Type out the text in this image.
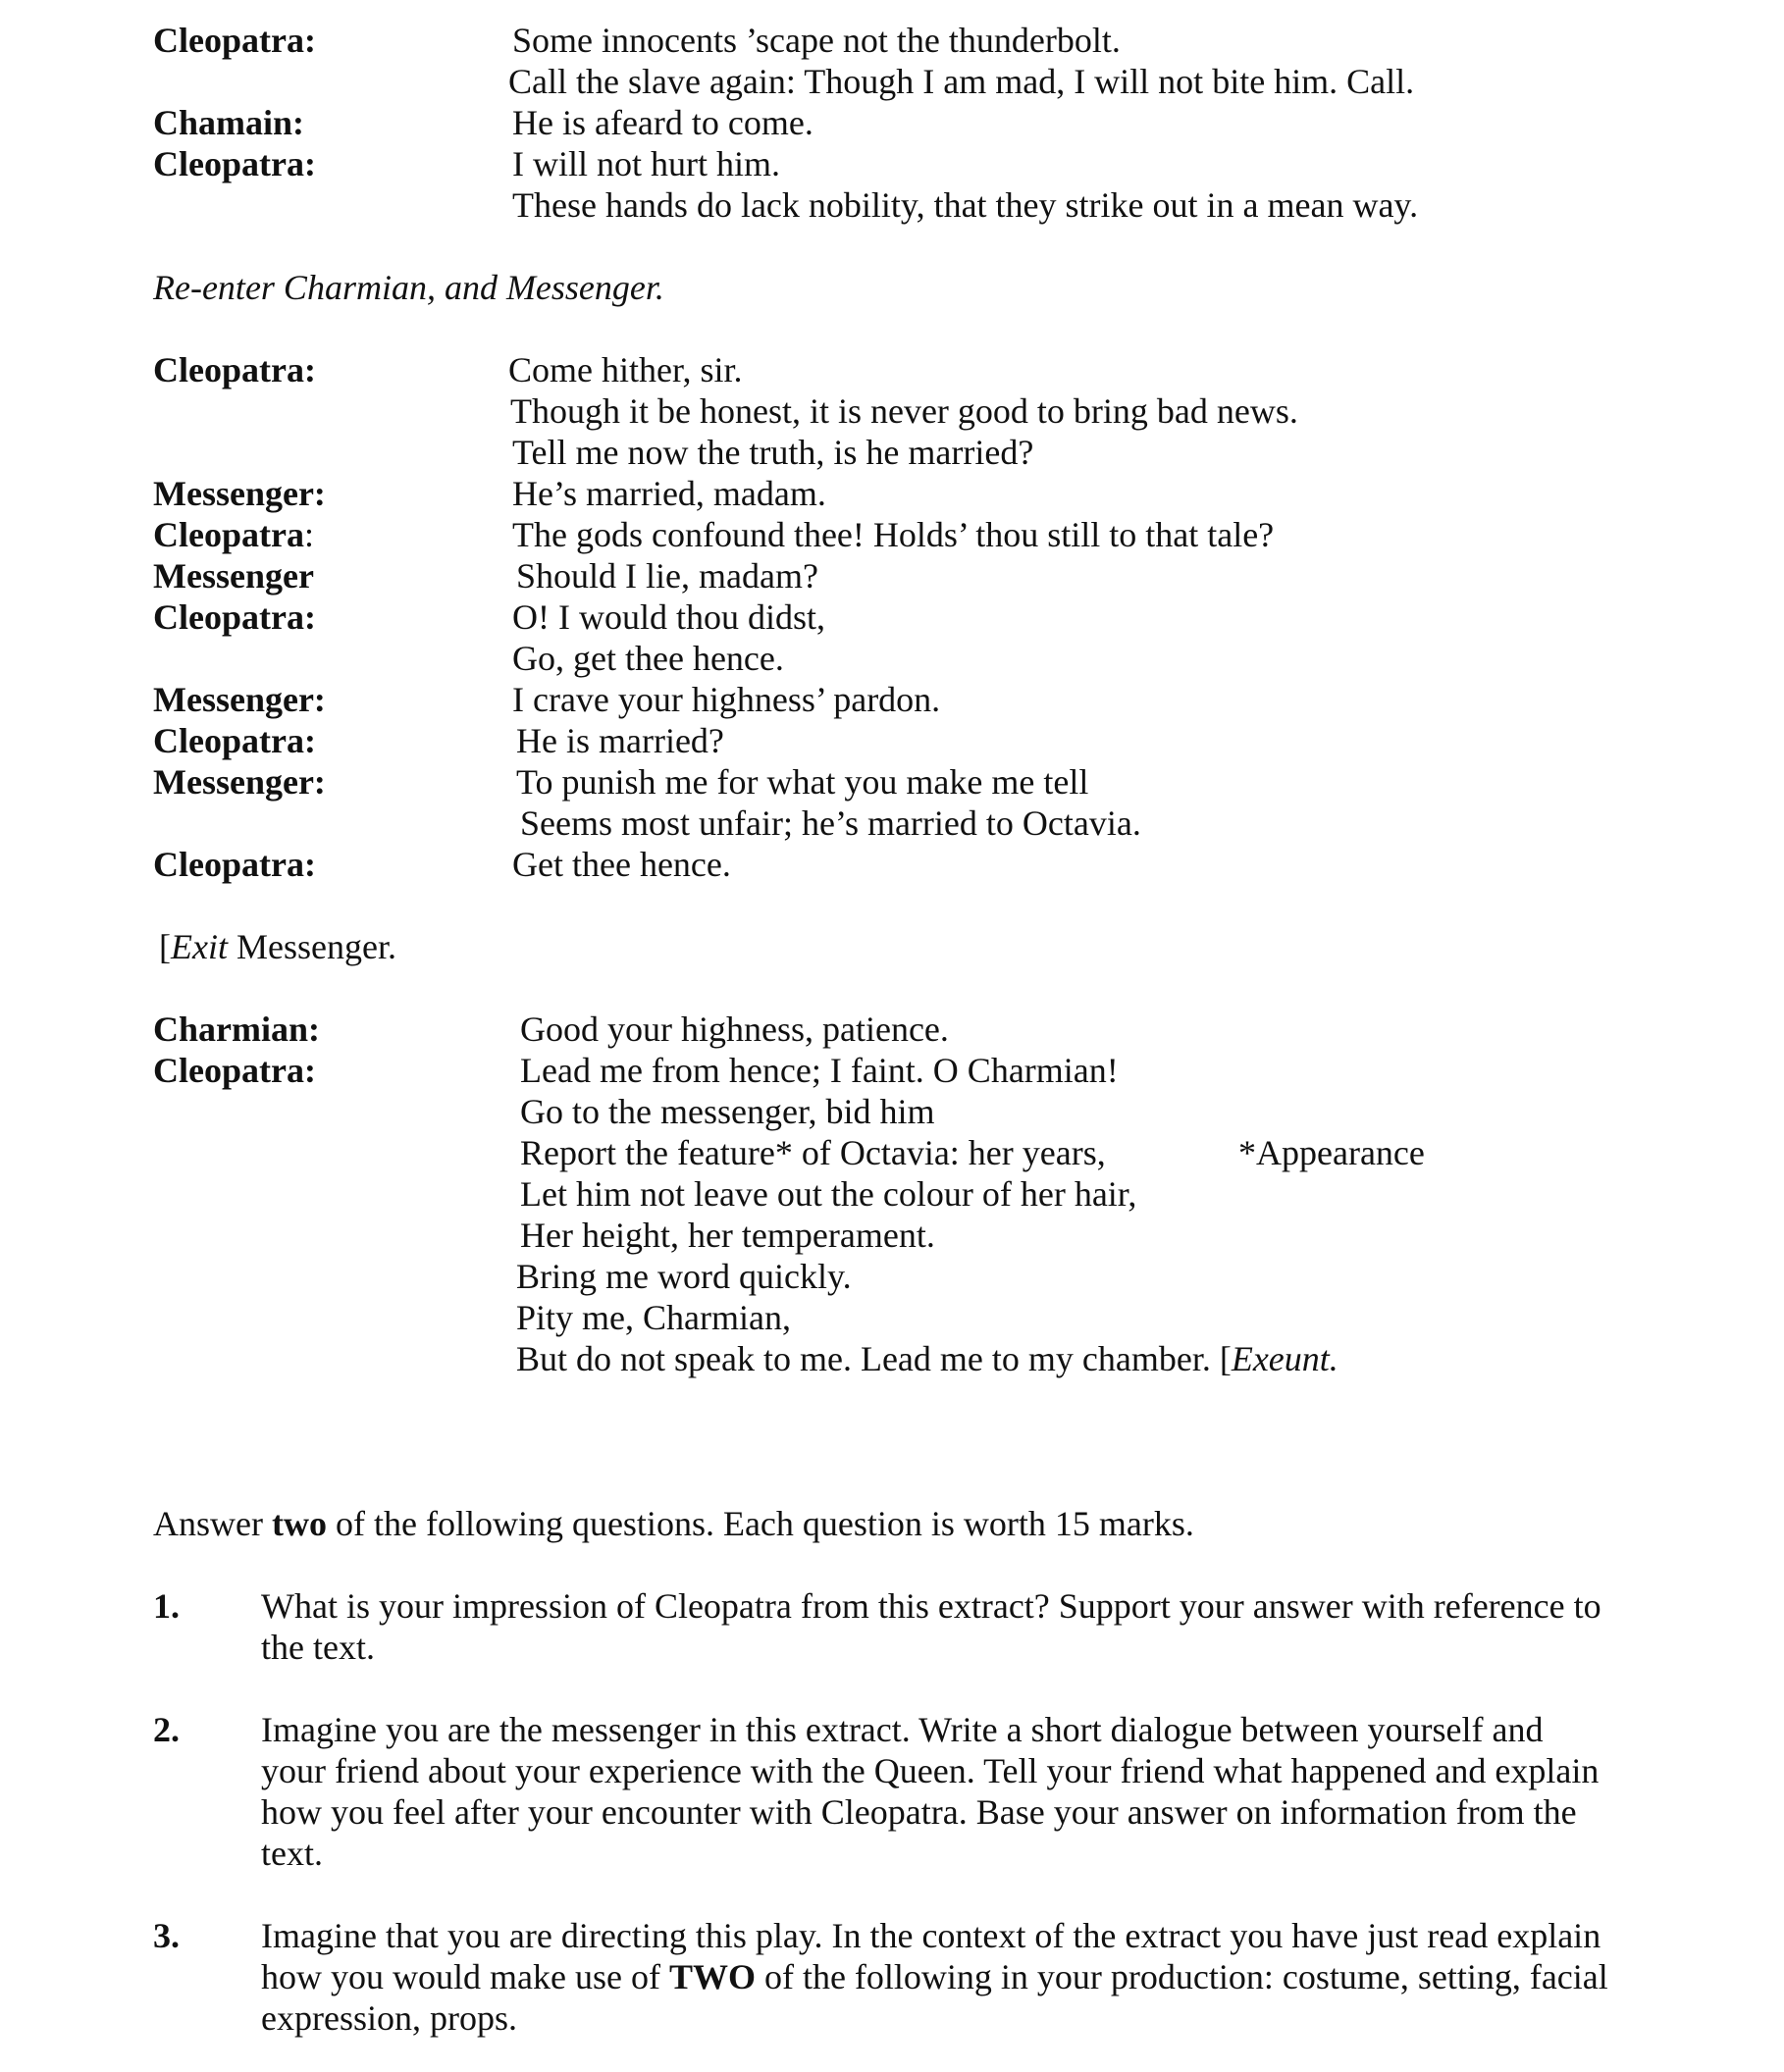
Cleopatra:	Some innocents ’scape not the thunderbolt.
Call the slave again: Though I am mad, I will not bite him. Call.
Chamain:	He is afeard to come.
Cleopatra:	I will not hurt him.
These hands do lack nobility, that they strike out in a mean way.
Re-enter Charmian, and Messenger.
Cleopatra:	Come hither, sir.
Though it be honest, it is never good to bring bad news.
Tell me now the truth, is he married?
Messenger:	He’s married, madam.
Cleopatra:	The gods confound thee! Holds’ thou still to that tale?
Messenger	Should I lie, madam?
Cleopatra:	O! I would thou didst,
Go, get thee hence.
Messenger:	I crave your highness’ pardon.
Cleopatra:	He is married?
Messenger:	To punish me for what you make me tell
Seems most unfair; he’s married to Octavia.
Cleopatra:	Get thee hence.
[Exit Messenger.
Charmian:	Good your highness, patience.
Cleopatra:	Lead me from hence; I faint. O Charmian!
Go to the messenger, bid him
Report the feature* of Octavia: her years,	*Appearance
Let him not leave out the colour of her hair,
Her height, her temperament.
Bring me word quickly.
Pity me, Charmian,
But do not speak to me. Lead me to my chamber. [Exeunt.
Answer two of the following questions. Each question is worth 15 marks.
1. What is your impression of Cleopatra from this extract? Support your answer with reference to the text.
2. Imagine you are the messenger in this extract. Write a short dialogue between yourself and your friend about your experience with the Queen. Tell your friend what happened and explain how you feel after your encounter with Cleopatra. Base your answer on information from the text.
3. Imagine that you are directing this play. In the context of the extract you have just read explain how you would make use of TWO of the following in your production: costume, setting, facial expression, props.
